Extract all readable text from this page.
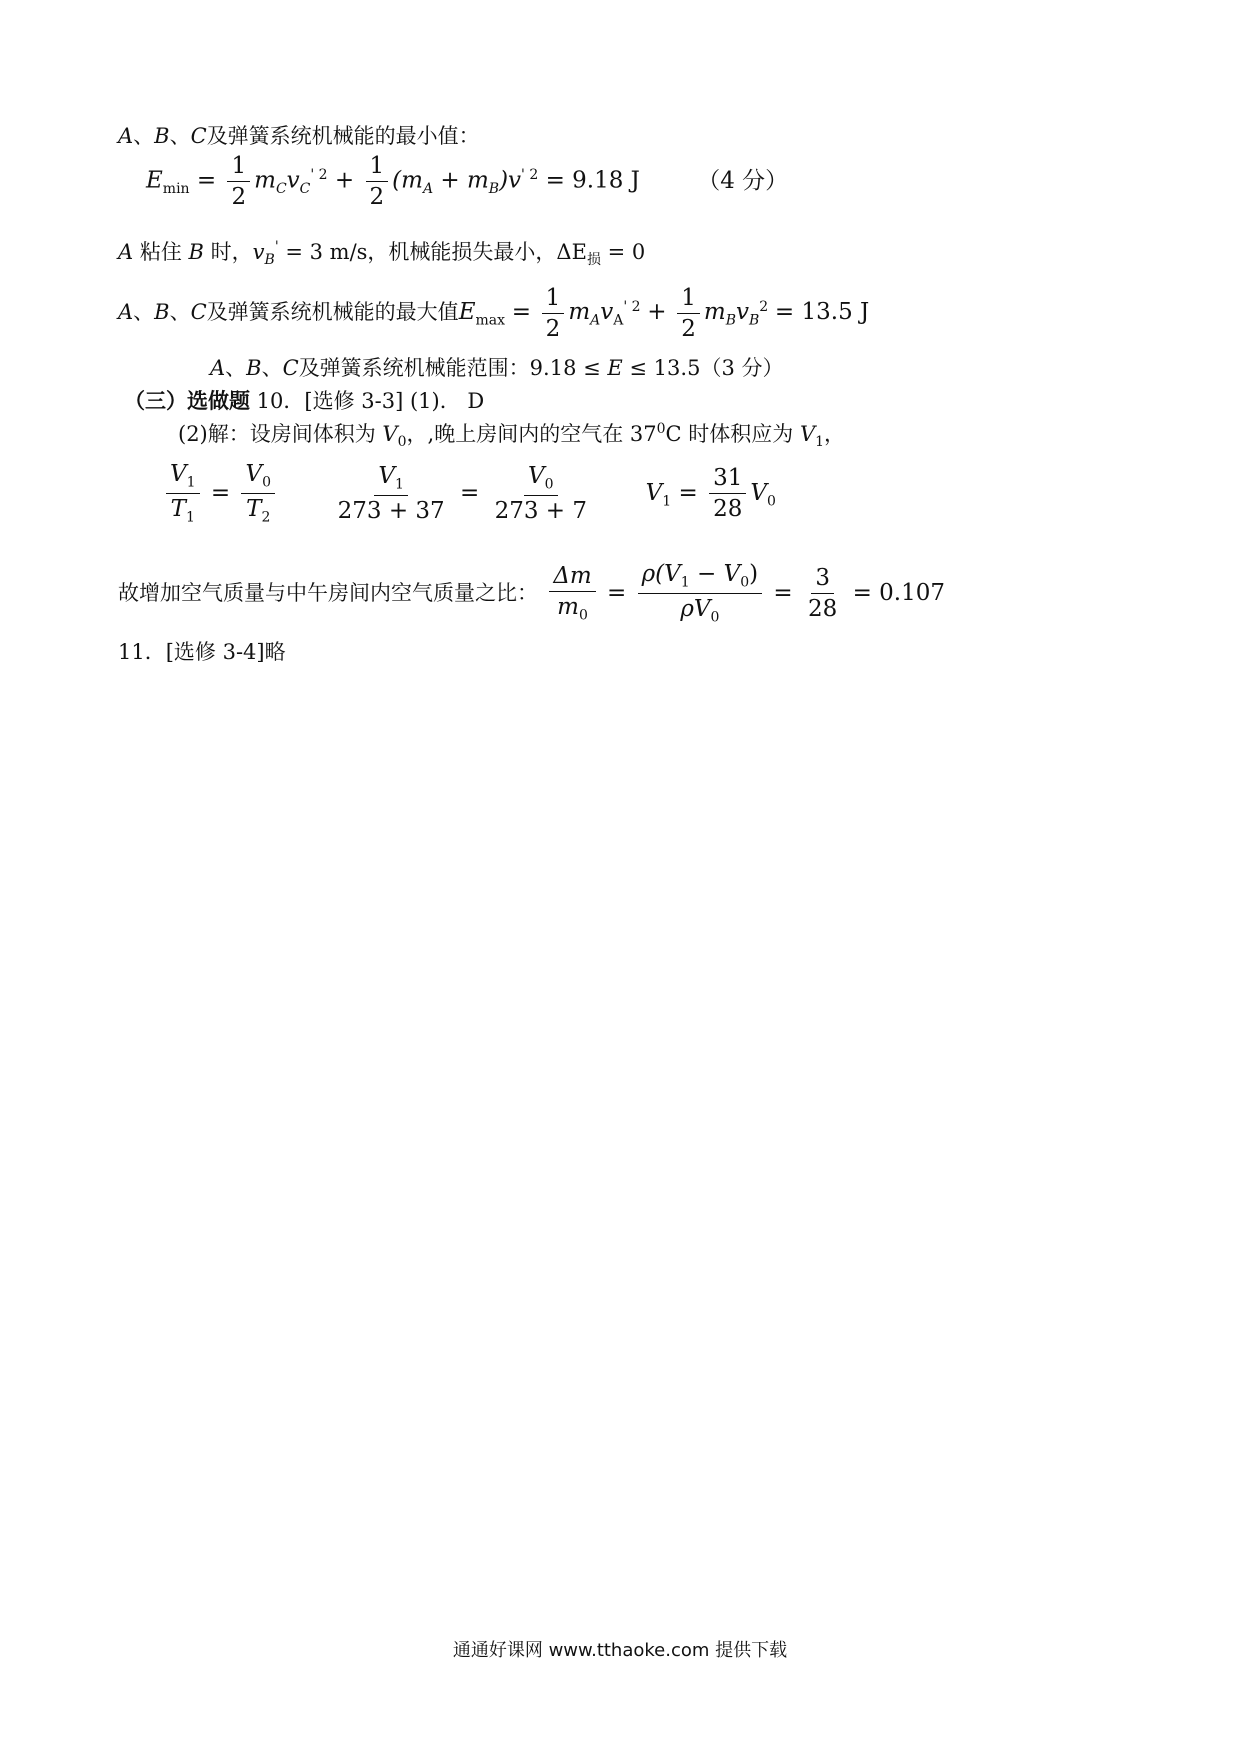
A、B、C及弹簧系统机械能的最小值：
$E_{min} = \frac{1}{2} m_Cv_C^{' 2} + \frac{1}{2} (m_A + m_B)v^{' 2} = 9.18$ J （4 分）
A 粘住 B 时，$v_B' = 3$ m/s，机械能损失最小，$\Delta E_损 = 0$
A、B、C及弹簧系统机械能的最大值$E_{max} = \frac{1}{2} m_Av_A^{' 2} + \frac{1}{2} m_Bv_B^2 = 13.5$ J
A、B、C及弹簧系统机械能范围：9.18 ≤ E ≤ 13.5（3 分）
（三）选做题 10．[选修 3-3] (1)． D
(2)解：设房间体积为 $V_0$，,晚上房间内的空气在 $37^0C$ 时体积应为 $V_1$，
$\frac{V_1}{T_1} = \frac{V_0}{T_2}$
	$\frac{V_1}{273 + 37} = \frac{V_0}{273 + 7} V_1 = \frac{31}{28} V_0$
故增加空气质量与中午房间内空气质量之比： $\frac{\Delta m}{m_0} = \frac{\rho(V_1 - V_0)}{\rho V_0} = \frac{3}{28} = 0.107$
11．[选修 3-4]略
通通好课网 www.tthaoke.com 提供下载
